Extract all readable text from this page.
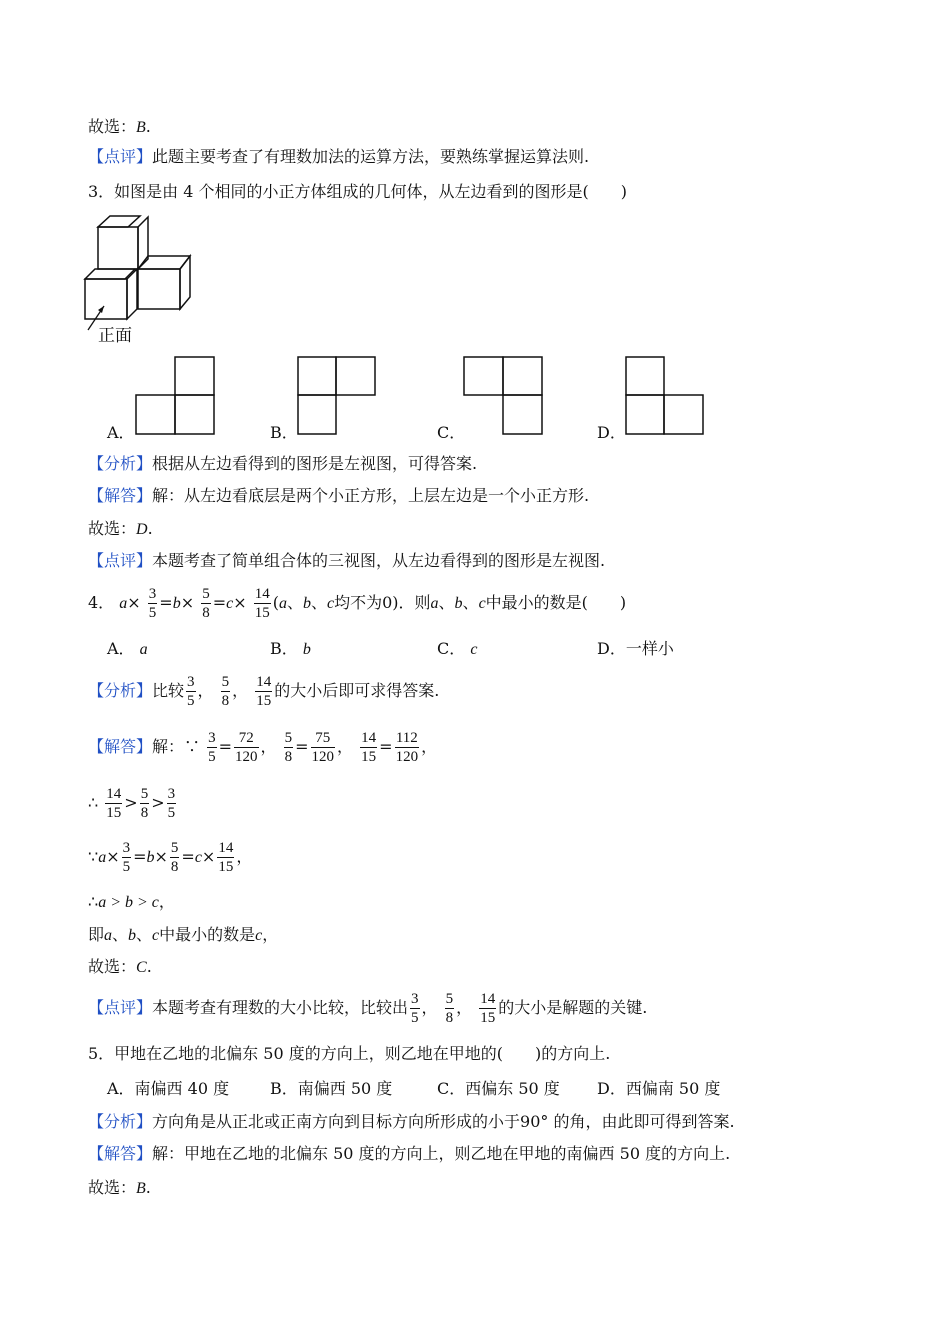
故选：B.
【点评】此题主要考查了有理数加法的运算方法，要熟练掌握运算法则.
3．如图是由 4 个相同的小正方体组成的几何体，从左边看到的图形是(　　)
正面
A．	B．	C．	D．
【分析】根据从左边看得到的图形是左视图，可得答案.
【解答】解：从左边看底层是两个小正方形，上层左边是一个小正方形.
故选：D.
【点评】本题考查了简单组合体的三视图，从左边看得到的图形是左视图.
4． $a\times \frac{3}{5} =b\times \frac{5}{8} =c\times \frac{14}{15} (a$、b、c均不为0)．则a、b、c中最小的数是(　　)
A． a	B． b	C． c	D．一样小
【分析】比较 $\frac{3}{5}$ ， $\frac{5}{8}$ ， $\frac{14}{15}$ 的大小后即可求得答案.
【解答】解：∵ $\frac{3}{5} = \frac{72}{120}$ ， $\frac{5}{8} = \frac{75}{120}$ ， $\frac{14}{15} = \frac{112}{120}$ ，
∴ $\frac{14}{15} > \frac{5}{8} > \frac{3}{5}$
∵a× $\frac{3}{5} =b\times \frac{5}{8} =c\times \frac{14}{15}$ ，
∴a > b > c，
即a、b、c中最小的数是c，
故选：C.
【点评】本题考查有理数的大小比较，比较出 $\frac{3}{5}$ ， $\frac{5}{8}$ ， $\frac{14}{15}$ 的大小是解题的关键.
5．甲地在乙地的北偏东 50 度的方向上，则乙地在甲地的(　　)的方向上.
A．南偏西 40 度	B．南偏西 50 度	C．西偏东 50 度 D．西偏南 50 度
【分析】方向角是从正北或正南方向到目标方向所形成的小于90° 的角，由此即可得到答案.
【解答】解：甲地在乙地的北偏东 50 度的方向上，则乙地在甲地的南偏西 50 度的方向上.
故选：B.
